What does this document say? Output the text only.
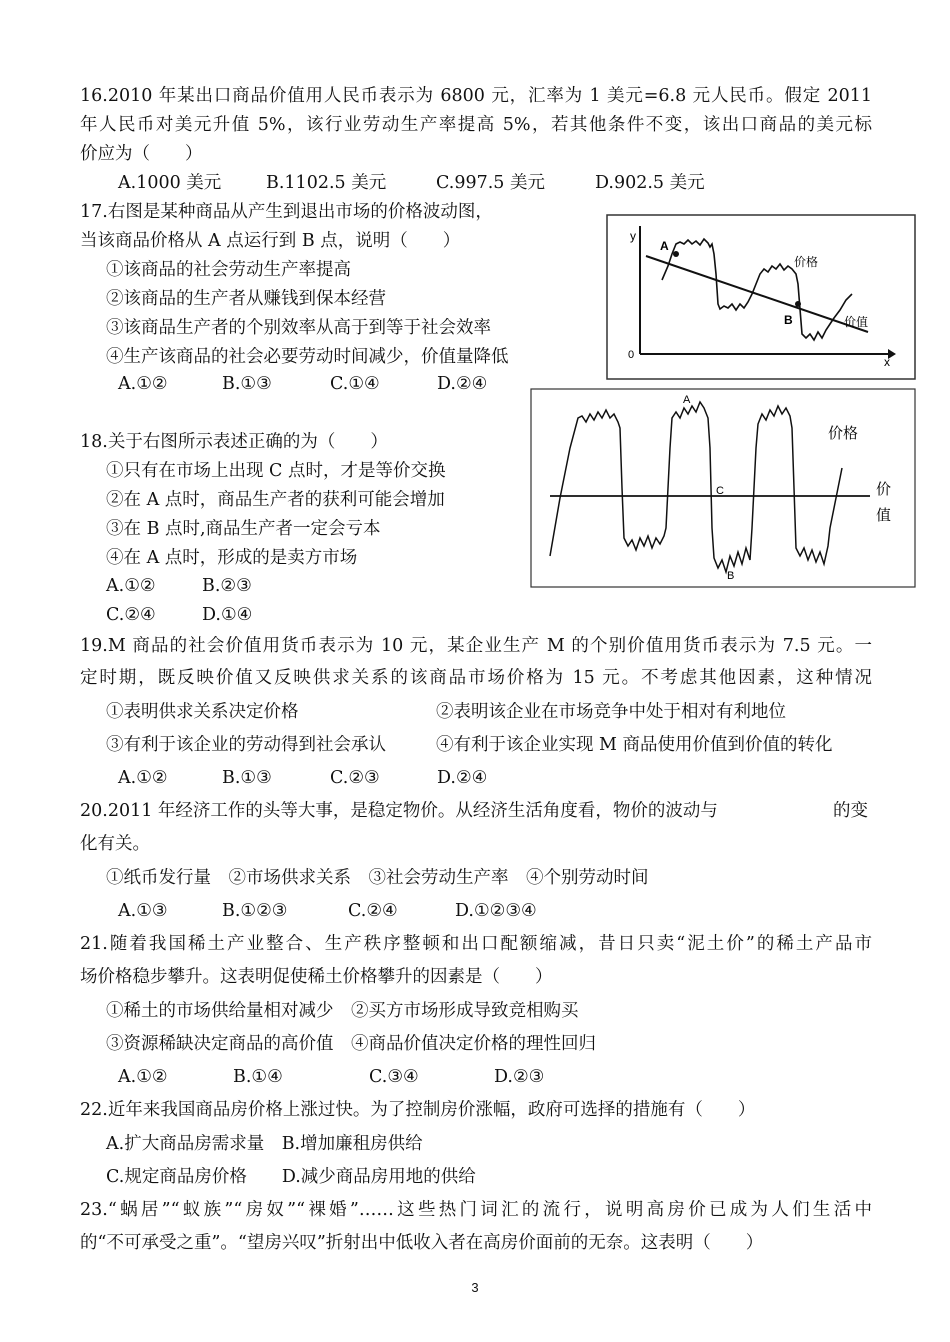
16.2010 年某出口商品价值用人民币表示为 6800 元，汇率为 1 美元=6.8 元人民币。假定 2011
年人民币对美元升值 5%，该行业劳动生产率提高 5%，若其他条件不变，该出口商品的美元标
价应为（　　）
A.1000 美元	B.1102.5 美元	C.997.5 美元	D.902.5 美元
17.右图是某种商品从产生到退出市场的价格波动图，
当该商品价格从 A 点运行到 B 点，说明（　　）
①该商品的社会劳动生产率提高
②该商品的生产者从赚钱到保本经营
③该商品生产者的个别效率从高于到等于社会效率
④生产该商品的社会必要劳动时间减少，价值量降低
A.①②	B.①③	C.①④	D.②④
y
x
0
A
B
价格
价值
18.关于右图所示表述正确的为（　　）
①只有在市场上出现 C 点时，才是等价交换
②在 A 点时，商品生产者的获利可能会增加
③在 B 点时,商品生产者一定会亏本
④在 A 点时，形成的是卖方市场
A.①②	B.②③
C.②④	D.①④
A
B
C
价格
价
值
19.M 商品的社会价值用货币表示为 10 元，某企业生产 M 的个别价值用货币表示为 7.5 元。一
定时期，既反映价值又反映供求关系的该商品市场价格为 15 元。不考虑其他因素，这种情况
①表明供求关系决定价格	②表明该企业在市场竞争中处于相对有利地位
③有利于该企业的劳动得到社会承认	④有利于该企业实现 M 商品使用价值到价值的转化
A.①②	B.①③	C.②③	D.②④
20.2011 年经济工作的头等大事，是稳定物价。从经济生活角度看，物价的波动与	的变
化有关。
①纸币发行量　②市场供求关系　③社会劳动生产率　④个别劳动时间
A.①③	B.①②③	C.②④	D.①②③④
21.随着我国稀土产业整合、生产秩序整顿和出口配额缩减，昔日只卖“泥土价”的稀土产品市
场价格稳步攀升。这表明促使稀土价格攀升的因素是（　　）
①稀土的市场供给量相对减少　②买方市场形成导致竞相购买
③资源稀缺决定商品的高价值　④商品价值决定价格的理性回归
A.①②	B.①④	C.③④	D.②③
22.近年来我国商品房价格上涨过快。为了控制房价涨幅，政府可选择的措施有（　　）
A.扩大商品房需求量　B.增加廉租房供给
C.规定商品房价格　　D.减少商品房用地的供给
23.“蜗居”“蚁族”“房奴”“裸婚”……这些热门词汇的流行，说明高房价已成为人们生活中
的“不可承受之重”。“望房兴叹”折射出中低收入者在高房价面前的无奈。这表明（　　）
3
